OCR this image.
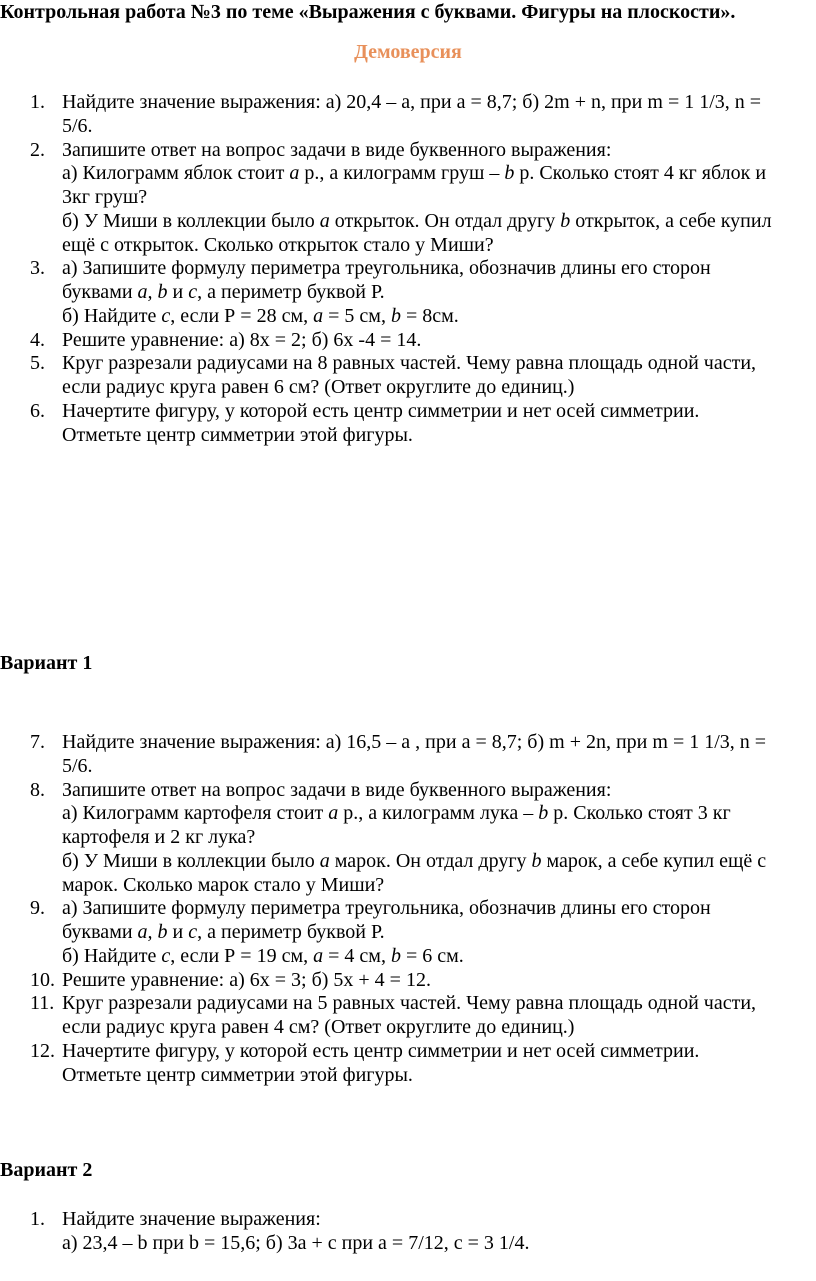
Контрольная работа №3 по теме «Выражения с буквами. Фигуры на плоскости».
Демоверсия
1. Найдите значение выражения: а) 20,4 – а, при а = 8,7; б) 2m + n, при m = 1 1/3, n =
5/6.
2. Запишите ответ на вопрос задачи в виде буквенного выражения:
а) Килограмм яблок стоит a р., а килограмм груш – b р. Сколько стоят 4 кг яблок и
3кг груш?
б) У Миши в коллекции было a открыток. Он отдал другу b открыток, а себе купил
ещё с открыток. Сколько открыток стало у Миши?
3. а) Запишите формулу периметра треугольника, обозначив длины его сторон
буквами a, b и c, а периметр буквой Р.
б) Найдите c, если Р = 28 см, a = 5 см, b = 8см.
4. Решите уравнение: а) 8х = 2; б) 6х -4 = 14.
5. Круг разрезали радиусами на 8 равных частей. Чему равна площадь одной части,
если радиус круга равен 6 см? (Ответ округлите до единиц.)
6. Начертите фигуру, у которой есть центр симметрии и нет осей симметрии.
Отметьте центр симметрии этой фигуры.
Вариант 1
7. Найдите значение выражения: а) 16,5 – а , при а = 8,7; б) m + 2n, при m = 1 1/3, n =
5/6.
8. Запишите ответ на вопрос задачи в виде буквенного выражения:
а) Килограмм картофеля стоит a р., а килограмм лука – b р. Сколько стоят 3 кг
картофеля и 2 кг лука?
б) У Миши в коллекции было a марок. Он отдал другу b марок, а себе купил ещё с
марок. Сколько марок стало у Миши?
9. а) Запишите формулу периметра треугольника, обозначив длины его сторон
буквами a, b и c, а периметр буквой Р.
б) Найдите c, если Р = 19 см, a = 4 см, b = 6 см.
10. Решите уравнение: а) 6х = 3; б) 5х + 4 = 12.
11. Круг разрезали радиусами на 5 равных частей. Чему равна площадь одной части,
если радиус круга равен 4 см? (Ответ округлите до единиц.)
12. Начертите фигуру, у которой есть центр симметрии и нет осей симметрии.
Отметьте центр симметрии этой фигуры.
Вариант 2
1. Найдите значение выражения:
а) 23,4 – b при b = 15,6; б) 3а + с при а = 7/12, с = 3 1/4.
